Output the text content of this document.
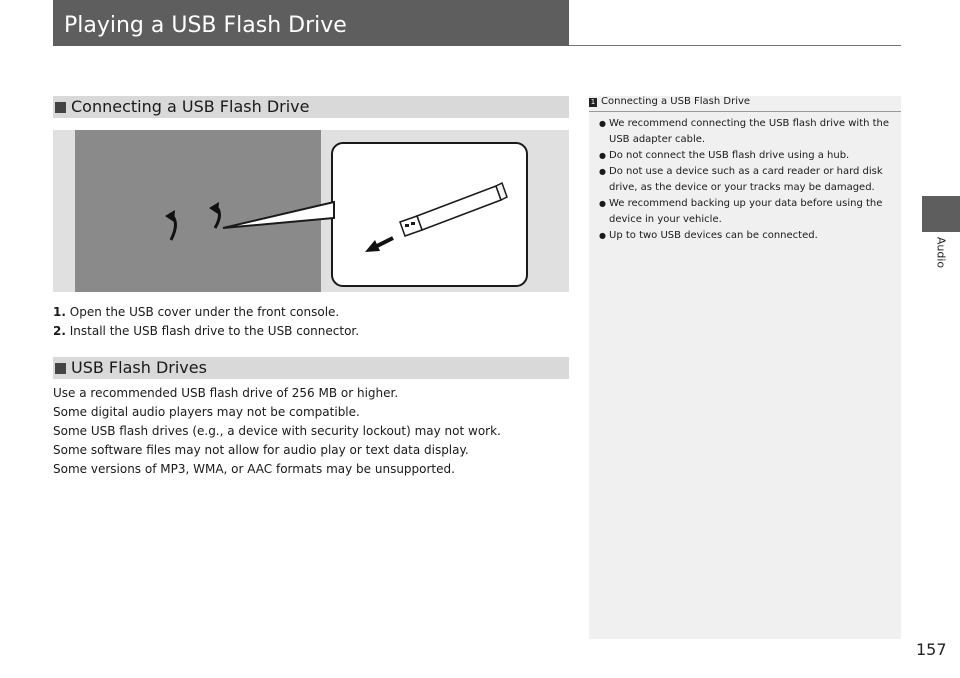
Playing a USB Flash Drive
Audio
Connecting a USB Flash Drive
1. Open the USB cover under the front console.
2. Install the USB flash drive to the USB connector.
USB Flash Drives
Use a recommended USB flash drive of 256 MB or higher.
Some digital audio players may not be compatible.
Some USB flash drives (e.g., a device with security lockout) may not work.
Some software files may not allow for audio play or text data display.
Some versions of MP3, WMA, or AAC formats may be unsupported.
1 Connecting a USB Flash Drive
● We recommend connecting the USB flash drive with the USB adapter cable.
● Do not connect the USB flash drive using a hub.
● Do not use a device such as a card reader or hard disk drive, as the device or your tracks may be damaged.
● We recommend backing up your data before using the device in your vehicle.
● Up to two USB devices can be connected.
157
